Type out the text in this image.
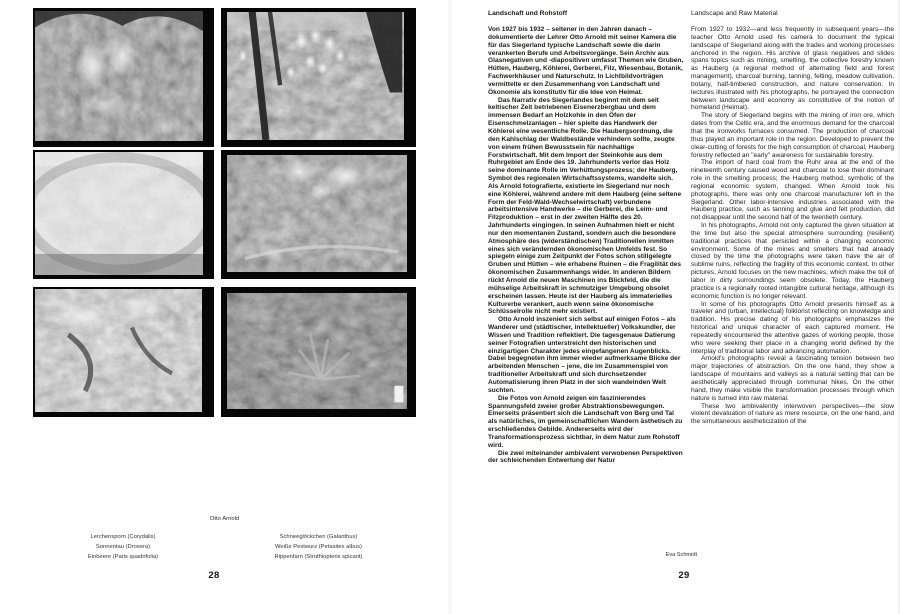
Otto Arnold
Lerchensporn (Corydalis)
Sonnentau (Drosera)
Einbeere (Paris quadrifolia)
Schneeglöckchen (Galanthus)
Weiße Pestwurz (Petasites albus)
Rippenfarn (Struthiopteris spicant)
28
Landschaft und Rohstoff

Von 1927 bis 1932 – seltener in den Jahren danach – dokumentierte der Lehrer Otto Arnold mit seiner Kamera die für das Siegerland typische Landschaft sowie die darin verankerten Berufe und Arbeitsvorgänge. Sein Archiv aus Glasnegativen und -diapositiven umfasst Themen wie Gruben, Hütten, Hauberg, Köhlerei, Gerberei, Filz, Wiesenbau, Botanik, Fachwerkhäuser und Naturschutz. In Lichtbildvorträgen vermittelte er den Zusammenhang von Landschaft und Ökonomie als konstitutiv für die Idee von Heimat.

Das Narrativ des Siegerlandes beginnt mit dem seit keltischer Zeit betriebenen Eisenerzbergbau und dem immensen Bedarf an Holzkohle in den Öfen der Eisenschmelzanlagen – hier spielte das Handwerk der Köhlerei eine wesentliche Rolle. Die Haubergsordnung, die den Kahlschlag der Waldbestände verhindern sollte, zeugte von einem frühen Bewusstsein für nachhaltige Forstwirtschaft. Mit dem Import der Steinkohle aus dem Ruhrgebiet am Ende des 19. Jahrhunderts verlor das Holz seine dominante Rolle im Verhüttungsprozess; der Hauberg, Symbol des regionalen Wirtschaftssystems, wandelte sich. Als Arnold fotografierte, existierte im Siegerland nur noch eine Köhlerei, während andere mit dem Hauberg (eine seltene Form der Feld-Wald-Wechselwirtschaft) verbundene arbeitsintensive Handwerke – die Gerberei, die Leim- und Filzproduktion – erst in der zweiten Hälfte des 20. Jahrhunderts eingingen. In seinen Aufnahmen hielt er nicht nur den momentanen Zustand, sondern auch die besondere Atmosphäre des (widerständischen) Traditionellen inmitten eines sich verändernden ökonomischen Umfelds fest. So spiegeln einige zum Zeitpunkt der Fotos schon stillgelegte Gruben und Hütten – wie erhabene Ruinen – die Fragilität des ökonomischen Zusammenhangs wider. In anderen Bildern rückt Arnold die neuen Maschinen ins Blickfeld, die die mühselige Arbeitskraft in schmutziger Umgebung obsolet erscheinen lassen. Heute ist der Hauberg als immaterielles Kulturerbe verankert, auch wenn seine ökonomische Schlüsselrolle nicht mehr existiert.

Otto Arnold inszeniert sich selbst auf einigen Fotos – als Wanderer und (städtischer, intellektueller) Volkskundler, der Wissen und Tradition reflektiert. Die tagesgenaue Datierung seiner Fotografien unterstreicht den historischen und einzigartigen Charakter jedes eingefangenen Augenblicks. Dabei begegneten ihm immer wieder aufmerksame Blicke der arbeitenden Menschen – jene, die im Zusammenspiel von traditioneller Arbeitskraft und sich durchsetzender Automatisierung ihren Platz in der sich wandelnden Welt suchten.

Die Fotos von Arnold zeigen ein faszinierendes Spannungsfeld zweier großer Abstraktionsbewegungen. Einerseits präsentiert sich die Landschaft von Berg und Tal als natürliches, im gemeinschaftlichen Wandern ästhetisch zu erschließendes Gebilde. Andererseits wird der Transformationsprozess sichtbar, in dem Natur zum Rohstoff wird.

Die zwei miteinander ambivalent verwobenen Perspektiven der schleichenden Entwertung der Natur

Landscape and Raw Material

From 1927 to 1932—and less frequently in subsequent years—the teacher Otto Arnold used his camera to document the typical landscape of Siegerland along with the trades and working processes anchored in the region. His archive of glass negatives and slides spans topics such as mining, smelting, the collective forestry known as Hauberg (a regional method of alternating field and forest management), charcoal burning, tanning, felting, meadow cultivation, botany, half-timbered construction, and nature conservation. In lectures illustrated with his photographs, he portrayed the connection between landscape and economy as constitutive of the notion of homeland (Heimat).

The story of Siegerland begins with the mining of iron ore, which dates from the Celtic era, and the enormous demand for the charcoal that the ironworks furnaces consumed. The production of charcoal thus played an important role in the region. Developed to prevent the clear-cutting of forests for the high consumption of charcoal, Hauberg forestry reflected an "early" awareness for sustainable forestry.

The import of hard coal from the Ruhr area at the end of the nineteenth century caused wood and charcoal to lose their dominant role in the smelting process; the Hauberg method, symbolic of the regional economic system, changed. When Arnold took his photographs, there was only one charcoal manufacturer left in the Siegerland. Other labor-intensive industries associated with the Hauberg practice, such as tanning and glue and felt production, did not disappear until the second half of the twentieth century.

In his photographs, Arnold not only captured the given situation at the time but also the special atmosphere surrounding (resilient) traditional practices that persisted within a changing economic environment. Some of the mines and smelters that had already closed by the time the photographs were taken have the air of sublime ruins, reflecting the fragility of this economic context. In other pictures, Arnold focuses on the new machines, which make the toil of labor in dirty surroundings seem obsolete. Today, the Hauberg practice is a regionally rooted intangible cultural heritage, although its economic function is no longer relevant.

In some of his photographs Otto Arnold presents himself as a traveler and (urban, intellectual) folklorist reflecting on knowledge and tradition. His precise dating of his photographs emphasizes the historical and unique character of each captured moment. He repeatedly encountered the attentive gazes of working people, those who were seeking their place in a changing world defined by the interplay of traditional labor and advancing automation.

Arnold's photographs reveal a fascinating tension between two major trajectories of abstraction. On the one hand, they show a landscape of mountains and valleys as a natural setting that can be aesthetically appreciated through communal hikes. On the other hand, they make visible the transformation processes through which nature is turned into raw material.

These two ambivalently interwoven perspectives—the slow violent devaluation of nature as mere resource, on the one hand, and the simultaneous aestheticization of the

Eva Schmidt
29
